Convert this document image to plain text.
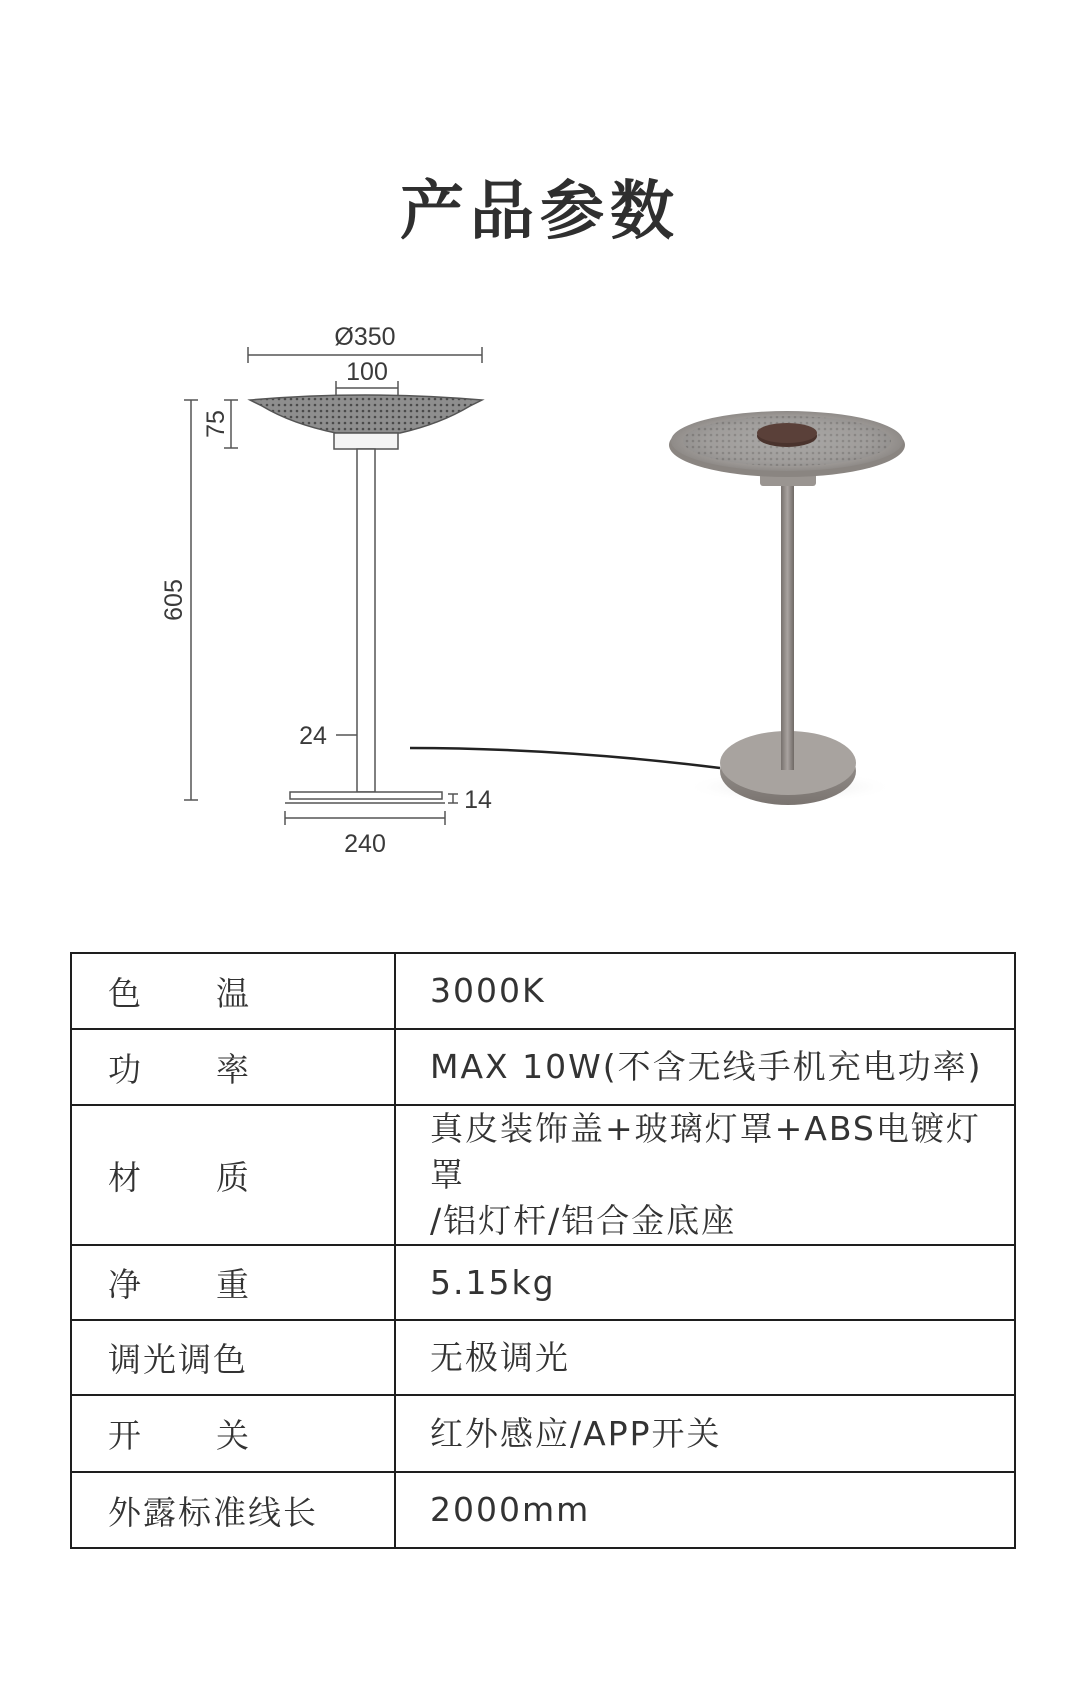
产品参数
Ø350
100
75
605
24
14
240
色 温	3000K
功 率	MAX 10W(不含无线手机充电功率)
材 质	真皮装饰盖+玻璃灯罩+ABS电镀灯罩
/铝灯杆/铝合金底座

净 重	5.15kg
调光调色	无极调光
开 关	红外感应/APP开关
外露标准线长	2000mm
